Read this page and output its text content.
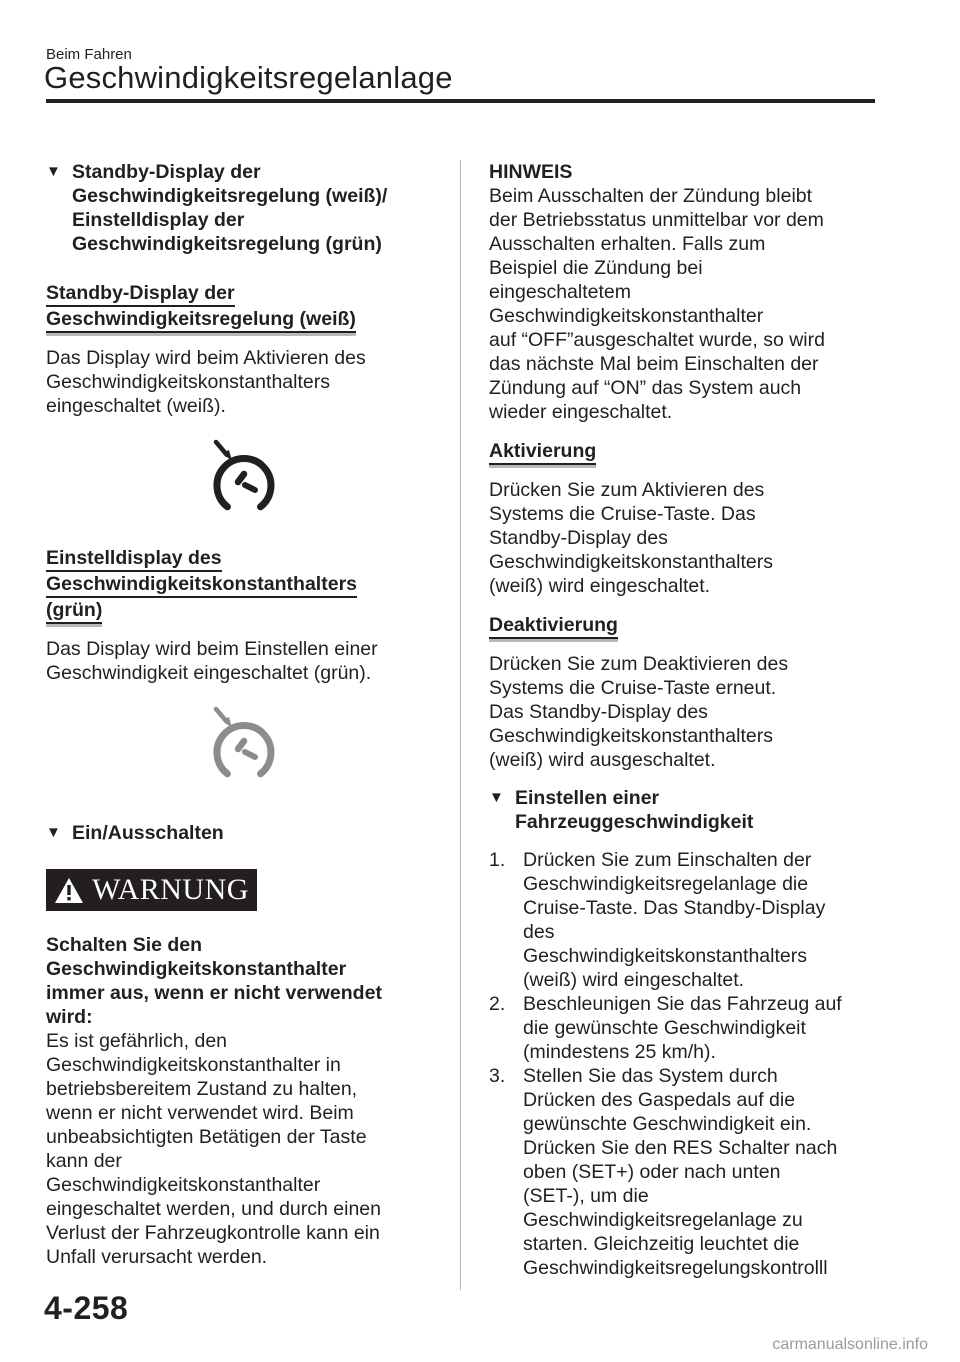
Beim Fahren
Geschwindigkeitsregelanlage
▼ Standby-Display der
Geschwindigkeitsregelung (weiß)/
Einstelldisplay der
Geschwindigkeitsregelung (grün)
Standby-Display der
Geschwindigkeitsregelung (weiß)
Das Display wird beim Aktivieren des
Geschwindigkeitskonstanthalters
eingeschaltet (weiß).
Einstelldisplay des
Geschwindigkeitskonstanthalters
(grün)
Das Display wird beim Einstellen einer
Geschwindigkeit eingeschaltet (grün).
▼ Ein/Ausschalten
WARNUNG
Schalten Sie den
Geschwindigkeitskonstanthalter
immer aus, wenn er nicht verwendet
wird:
Es ist gefährlich, den
Geschwindigkeitskonstanthalter in
betriebsbereitem Zustand zu halten,
wenn er nicht verwendet wird. Beim
unbeabsichtigten Betätigen der Taste
kann der
Geschwindigkeitskonstanthalter
eingeschaltet werden, und durch einen
Verlust der Fahrzeugkontrolle kann ein
Unfall verursacht werden.
HINWEIS
Beim Ausschalten der Zündung bleibt
der Betriebsstatus unmittelbar vor dem
Ausschalten erhalten. Falls zum
Beispiel die Zündung bei
eingeschaltetem
Geschwindigkeitskonstanthalter
auf “OFF”ausgeschaltet wurde, so wird
das nächste Mal beim Einschalten der
Zündung auf “ON” das System auch
wieder eingeschaltet.
Aktivierung
Drücken Sie zum Aktivieren des
Systems die Cruise-Taste. Das
Standby-Display des
Geschwindigkeitskonstanthalters
(weiß) wird eingeschaltet.
Deaktivierung
Drücken Sie zum Deaktivieren des
Systems die Cruise-Taste erneut.
Das Standby-Display des
Geschwindigkeitskonstanthalters
(weiß) wird ausgeschaltet.
▼ Einstellen einer
Fahrzeuggeschwindigkeit
1. Drücken Sie zum Einschalten der
Geschwindigkeitsregelanlage die
Cruise-Taste. Das Standby-Display
des
Geschwindigkeitskonstanthalters
(weiß) wird eingeschaltet.
2. Beschleunigen Sie das Fahrzeug auf
die gewünschte Geschwindigkeit
(mindestens 25 km/h).
3. Stellen Sie das System durch
Drücken des Gaspedals auf die
gewünschte Geschwindigkeit ein.
Drücken Sie den RES Schalter nach
oben (SET+) oder nach unten
(SET-), um die
Geschwindigkeitsregelanlage zu
starten. Gleichzeitig leuchtet die
Geschwindigkeitsregelungskontrolll
4-258
carmanualsonline.info
